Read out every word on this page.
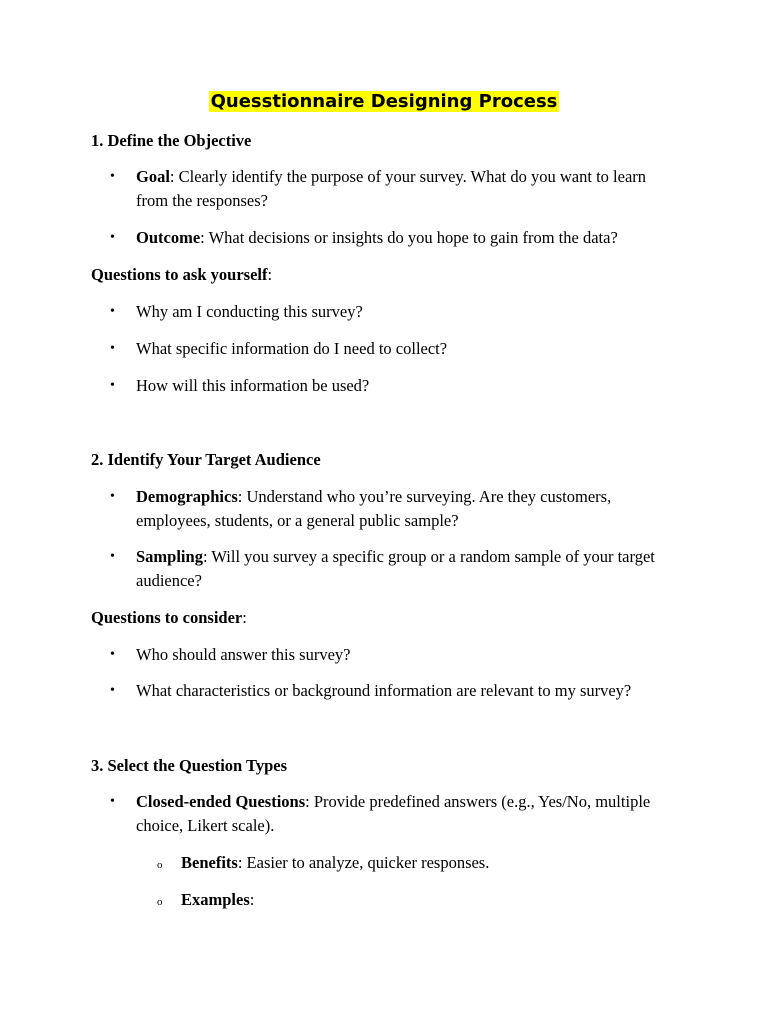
Quesstionnaire Designing Process
1. Define the Objective
•	Goal: Clearly identify the purpose of your survey. What do you want to learn from the responses?
•	Outcome: What decisions or insights do you hope to gain from the data?
Questions to ask yourself:
•	Why am I conducting this survey?
•	What specific information do I need to collect?
•	How will this information be used?
2. Identify Your Target Audience
•	Demographics: Understand who you’re surveying. Are they customers, employees, students, or a general public sample?
•	Sampling: Will you survey a specific group or a random sample of your target audience?
Questions to consider:
•	Who should answer this survey?
•	What characteristics or background information are relevant to my survey?
3. Select the Question Types
•	Closed-ended Questions: Provide predefined answers (e.g., Yes/No, multiple choice, Likert scale).
o Benefits: Easier to analyze, quicker responses.
o Examples:
